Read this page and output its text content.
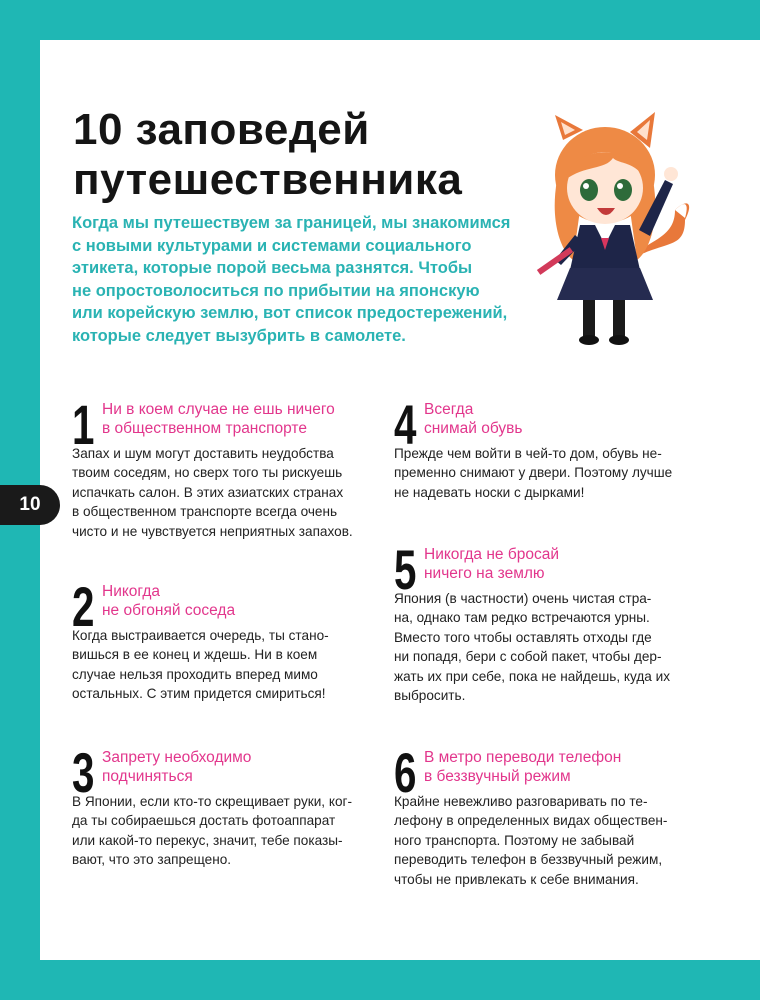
10
10 заповедей
путешественника

Когда мы путешествуем за границей, мы знакомимся
с новыми культурами и системами социального
этикета, которые порой весьма разнятся. Чтобы
не опростоволоситься по прибытии на японскую
или корейскую землю, вот список предостережений,
которые следует вызубрить в самолете.

1 Ни в коем случае не ешь ничего
в общественном транспорте
Запах и шум могут доставить неудобства
твоим соседям, но сверх того ты рискуешь
испачкать салон. В этих азиатских странах
в общественном транспорте всегда очень
чисто и не чувствуется неприятных запахов.
2 Никогда
не обгоняй соседа
Когда выстраивается очередь, ты стано-
вишься в ее конец и ждешь. Ни в коем
случае нельзя проходить вперед мимо
остальных. С этим придется смириться!
3 Запрету необходимо
подчиняться
В Японии, если кто-то скрещивает руки, ког-
да ты собираешься достать фотоаппарат
или какой-то перекус, значит, тебе показы-
вают, что это запрещено.
4 Всегда
снимай обувь
Прежде чем войти в чей-то дом, обувь не-
пременно снимают у двери. Поэтому лучше
не надевать носки с дырками!
5 Никогда не бросай
ничего на землю
Япония (в частности) очень чистая стра-
на, однако там редко встречаются урны.
Вместо того чтобы оставлять отходы где
ни попадя, бери с собой пакет, чтобы дер-
жать их при себе, пока не найдешь, куда их
выбросить.
6 В метро переводи телефон
в беззвучный режим
Крайне невежливо разговаривать по те-
лефону в определенных видах обществен-
ного транспорта. Поэтому не забывай
переводить телефон в беззвучный режим,
чтобы не привлекать к себе внимания.
